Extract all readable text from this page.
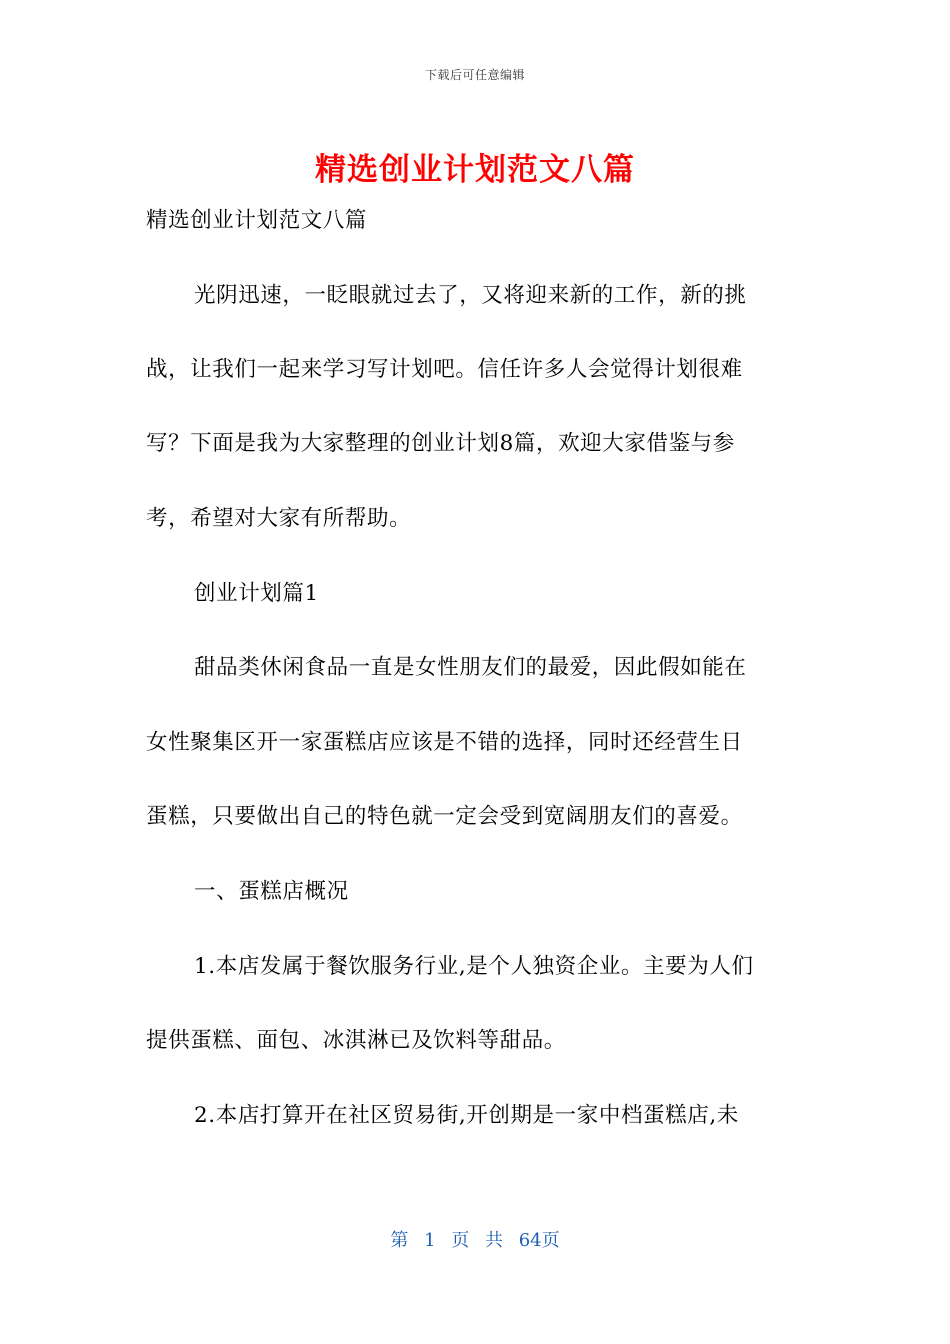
下载后可任意编辑
精选创业计划范文八篇
精选创业计划范文八篇
光阴迅速，一眨眼就过去了，又将迎来新的工作，新的挑
战，让我们一起来学习写计划吧。信任许多人会觉得计划很难
写？下面是我为大家整理的创业计划8篇，欢迎大家借鉴与参
考，希望对大家有所帮助。
创业计划篇1
甜品类休闲食品一直是女性朋友们的最爱，因此假如能在
女性聚集区开一家蛋糕店应该是不错的选择，同时还经营生日
蛋糕，只要做出自己的特色就一定会受到宽阔朋友们的喜爱。
一、蛋糕店概况
1.本店发属于餐饮服务行业,是个人独资企业。主要为人们
提供蛋糕、面包、冰淇淋已及饮料等甜品。
2.本店打算开在社区贸易街,开创期是一家中档蛋糕店,未
第 1 页 共 64页
